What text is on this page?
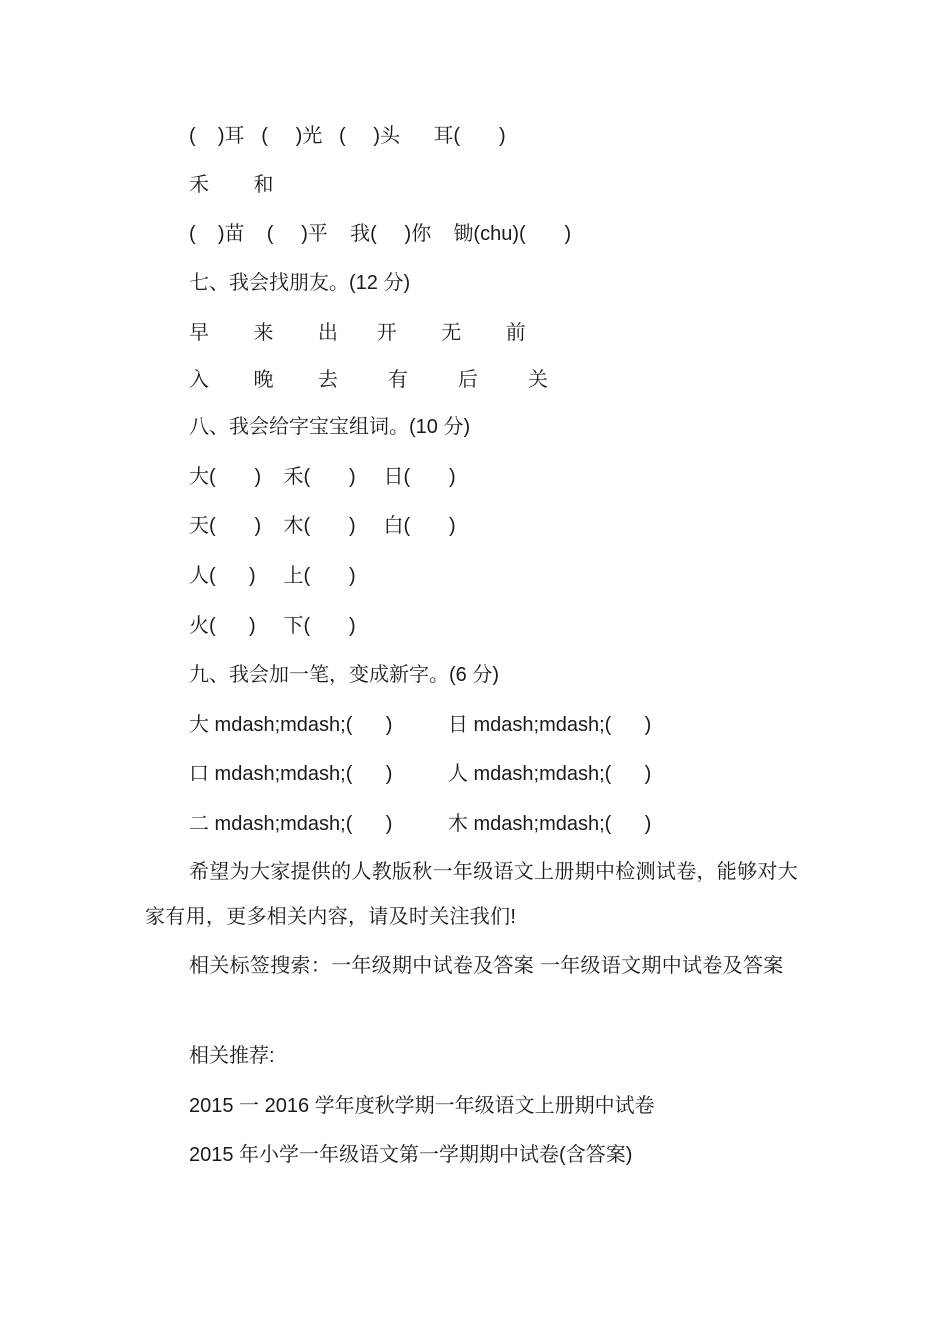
(    )耳   (     )光   (     )头      耳(       )
禾        和
(    )苗    (     )平    我(     )你    锄(chu)(       )
七、我会找朋友。(12 分)
早        来        出       开        无        前
入        晚        去         有         后         关
八、我会给字宝宝组词。(10 分)
大(       )    禾(       )     日(       )
天(       )    木(       )     白(       )
人(      )     上(       )
火(      )     下(       )
九、我会加一笔，变成新字。(6 分)
大 mdash;mdash;(      )          日 mdash;mdash;(      )
口 mdash;mdash;(      )          人 mdash;mdash;(      )
二 mdash;mdash;(      )          木 mdash;mdash;(      )
希望为大家提供的人教版秋一年级语文上册期中检测试卷，能够对大家有用，更多相关内容，请及时关注我们!
相关标签搜索：一年级期中试卷及答案 一年级语文期中试卷及答案
相关推荐:
2015 一 2016 学年度秋学期一年级语文上册期中试卷
2015 年小学一年级语文第一学期期中试卷(含答案)
